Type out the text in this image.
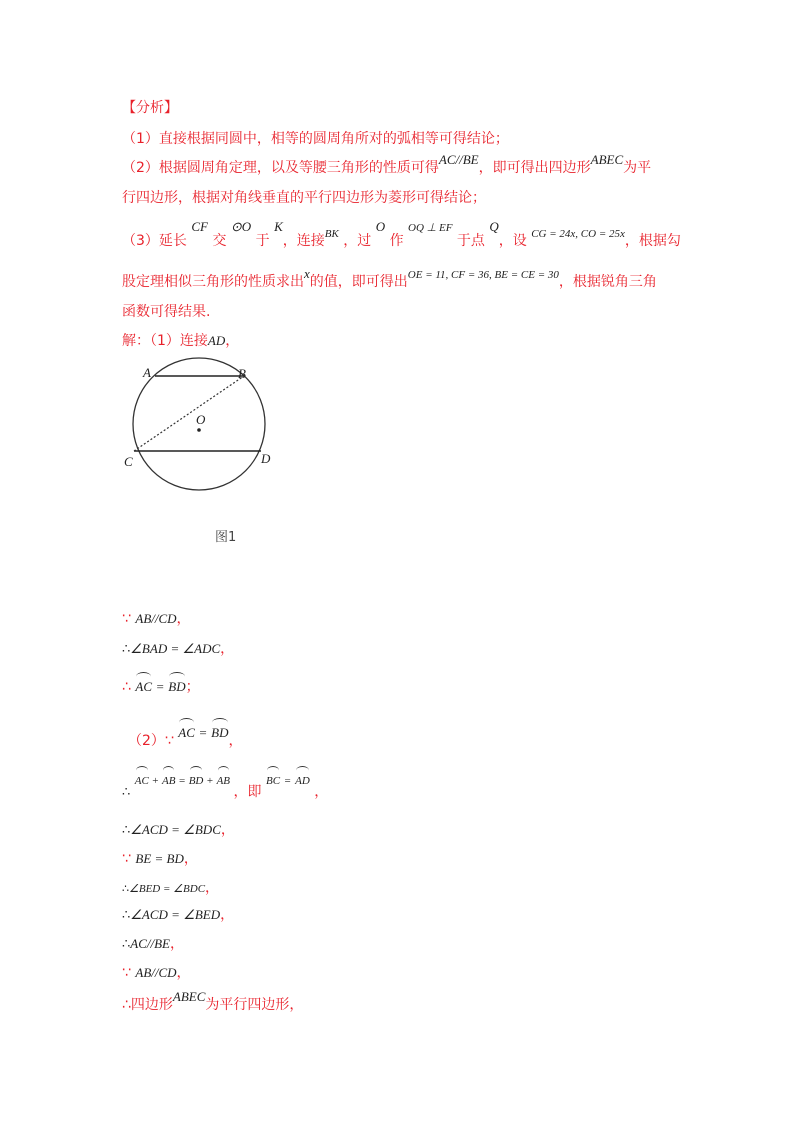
【分析】
（1）直接根据同圆中，相等的圆周角所对的弧相等可得结论；
（2）根据圆周角定理，以及等腰三角形的性质可得AC//BE，即可得出四边形ABEC为平
行四边形，根据对角线垂直的平行四边形为菱形可得结论；
（3）延长 CF 交 ⊙O 于 K，连接$^{BK}$ ，过 O 作 $^{OQ \perp EF}$ 于点 Q，设 $^{CG = 24x, CO = 25x}$，根据勾
股定理相似三角形的性质求出x的值，即可得出$^{OE = 11, CF = 36, BE = CE = 30}$，根据锐角三角
函数可得结果.
解：（1）连接AD，
A	B
O
C	D
图1
∵ AB//CD，
∴∠BAD = ∠ADC，
∴ AC = BD；
（2）∵ AC = BD，
∴ $^{AC + AB = BD + AB}$ ，即 BC = AD ，
∴∠ACD = ∠BDC，
∵ BE = BD，
∴∠BED = ∠BDC，
∴∠ACD = ∠BED，
∴AC//BE，
∵ AB//CD，
∴四边形ABEC为平行四边形，
